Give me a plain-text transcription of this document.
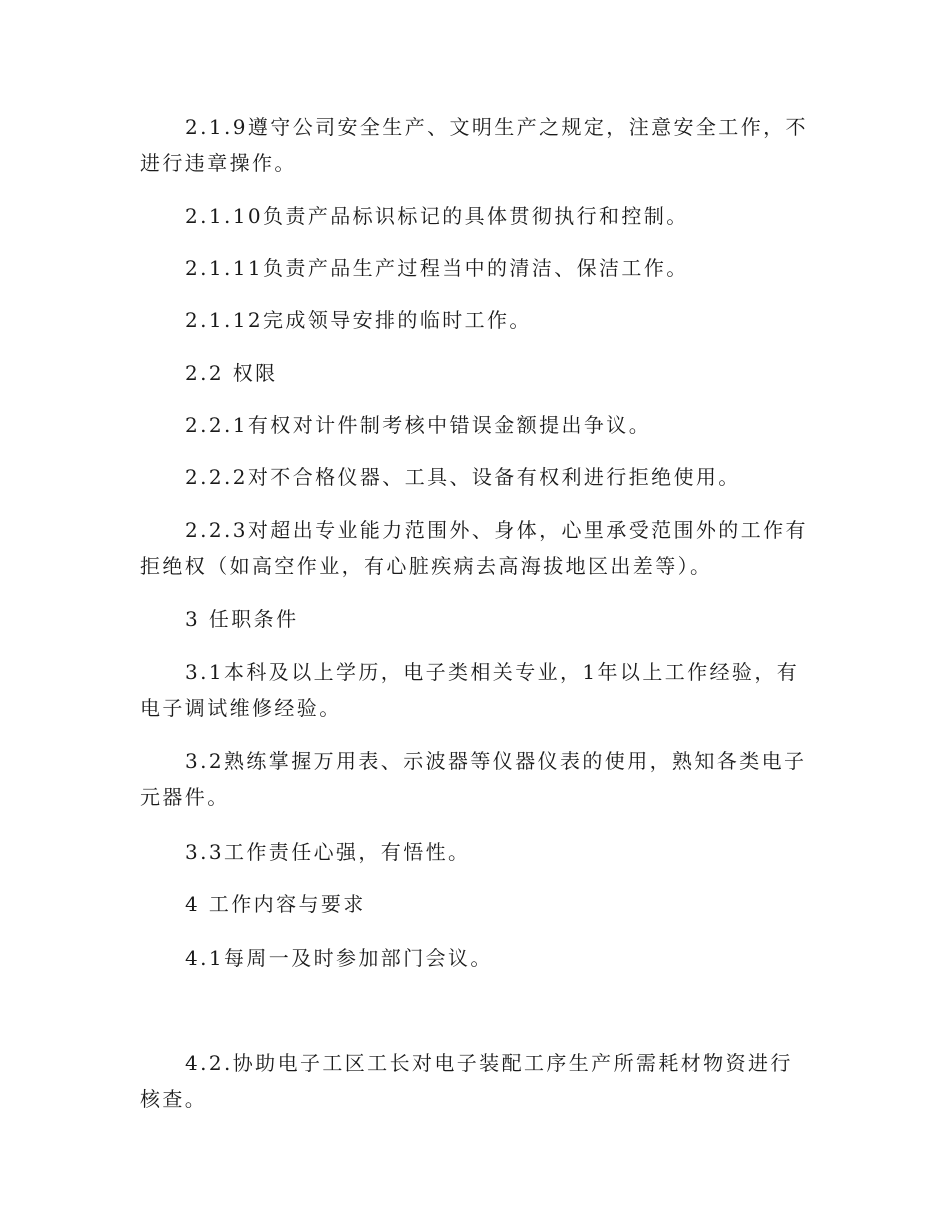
2.1.9遵守公司安全生产、文明生产之规定，注意安全工作，不进行违章操作。

2.1.10负责产品标识标记的具体贯彻执行和控制。

2.1.11负责产品生产过程当中的清洁、保洁工作。

2.1.12完成领导安排的临时工作。

2.2 权限

2.2.1有权对计件制考核中错误金额提出争议。

2.2.2对不合格仪器、工具、设备有权利进行拒绝使用。

2.2.3对超出专业能力范围外、身体，心里承受范围外的工作有拒绝权（如高空作业，有心脏疾病去高海拔地区出差等）。

3 任职条件

3.1本科及以上学历，电子类相关专业，1年以上工作经验，有电子调试维修经验。

3.2熟练掌握万用表、示波器等仪器仪表的使用，熟知各类电子元器件。

3.3工作责任心强，有悟性。

4 工作内容与要求

4.1每周一及时参加部门会议。

4.2.协助电子工区工长对电子装配工序生产所需耗材物资进行核查。
